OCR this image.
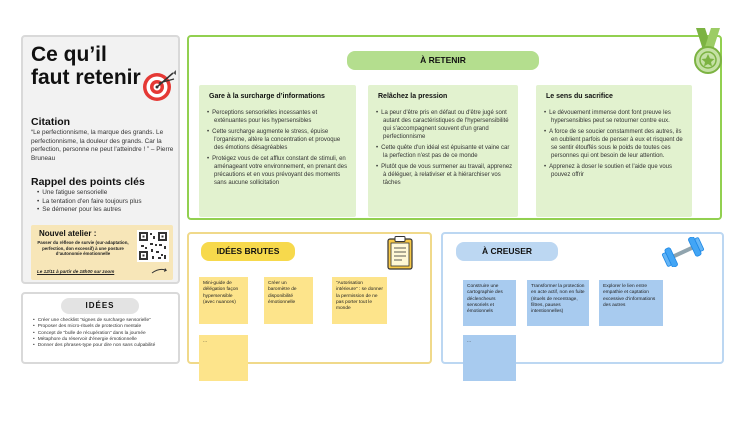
Ce qu’il faut retenir
Citation
“Le perfectionnisme, la marque des grands. Le perfectionnisme, la douleur des grands. Car la perfection, personne ne peut l'atteindre ! ” – Pierre Bruneau
Rappel des points clés
• Une fatigue sensorielle
• La tentation d'en faire toujours plus
• Se démener pour les autres
Nouvel atelier :
Passer du réflexe de survie (sur-adaptation, perfection, don excessif) à une posture d’autonomie émotionnelle
Le 12/11 à partir de 18h00 sur zoom
IDÉES
• Créer une checklist “signes de surcharge sensorielle”
• Proposer des micro-rituels de protection mentale
• Concept de “bulle de récupération” dans la journée
• Métaphore du réservoir d'énergie émotionnelle
• Donner des phrases-type pour dire non sans culpabilité
À RETENIR
Gare à la surcharge d’informations
• Perceptions sensorielles incessantes et exténuantes pour les hypersensibles
• Cette surcharge augmente le stress, épuise l'organisme, altère la concentration et provoque des émotions désagréables
• Protégez vous de cet afflux constant de stimuli, en aménageant votre environnement, en prenant des précautions et en vous prévoyant des moments sans aucune sollicitation
Relâchez la pression
• La peur d'être pris en défaut ou d'être jugé sont autant des caractéristiques de l'hypersensibilité qui s'accompagnent souvent d'un grand perfectionnisme
• Cette quête d'un idéal est épuisante et vaine car la perfection n'est pas de ce monde
• Plutôt que de vous surmener au travail, apprenez à déléguer, à relativiser et à hiérarchiser vos tâches
Le sens du sacrifice
• Le dévouement immense dont font preuve les hypersensibles peut se retourner contre eux.
• A force de se soucier constamment des autres, ils en oublient parfois de penser à eux et risquent de se sentir étouffés sous le poids de toutes ces personnes qui ont besoin de leur attention.
• Apprenez à doser le soutien et l'aide que vous pouvez offrir
IDÉES BRUTES
Mini-guide de délégation façon hypersensible (avec nuances)
Créer un baromètre de disponibilité émotionnelle
“Autorisation intérieure” : se donner la permission de ne pas porter tout le monde
...
À CREUSER
Construire une cartographie des déclencheurs sensoriels et émotionnels
Transformer la protection en acte actif, non en fuite (rituels de recentrage, filtres, pauses intentionnelles)
Explorer le lien entre empathie et captation excessive d’informations des autres
...
